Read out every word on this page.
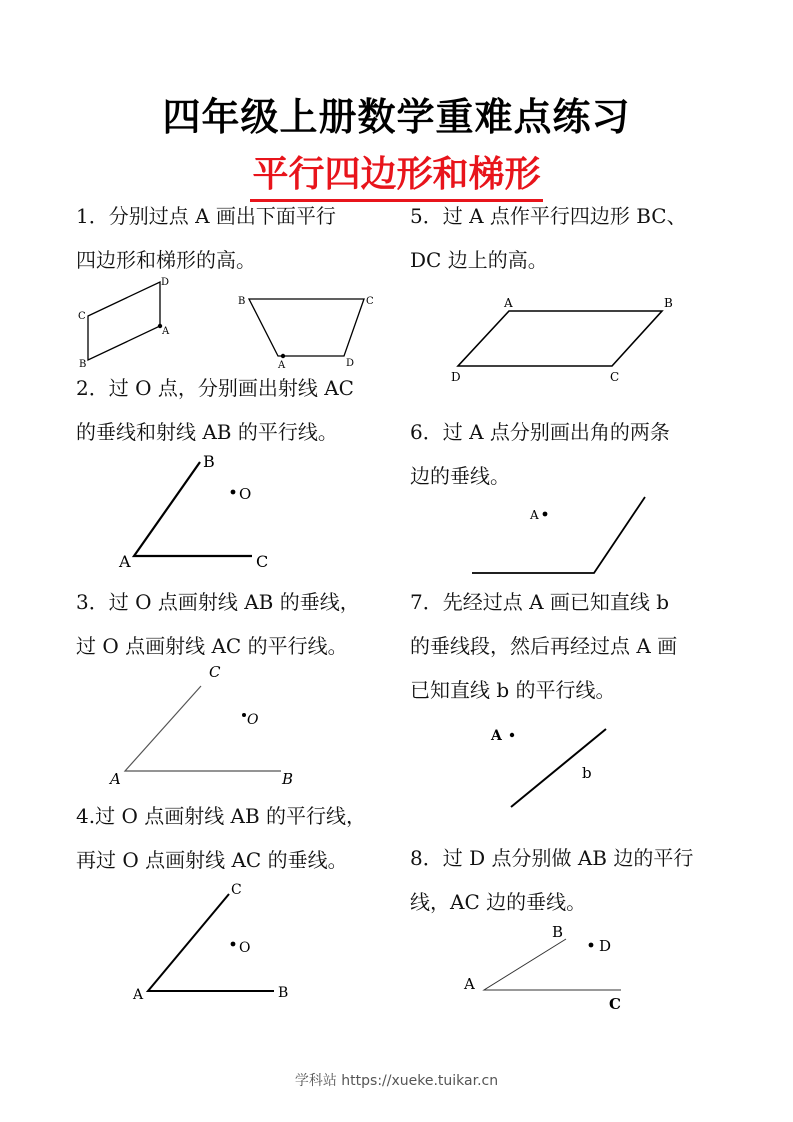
四年级上册数学重难点练习
平行四边形和梯形
1．分别过点 A 画出下面平行
四边形和梯形的高。
D
C
A
B
B	C
A	D
B
O
A	C
C
O
A	B
C
O
A	B
A	B
D	C
A
A
b
B
D
A
C
2．过 O 点，分别画出射线 AC
的垂线和射线 AB 的平行线。
3．过 O 点画射线 AB 的垂线，
过 O 点画射线 AC 的平行线。
4.过 O 点画射线 AB 的平行线，
再过 O 点画射线 AC 的垂线。
5．过 A 点作平行四边形 BC、
DC 边上的高。
6．过 A 点分别画出角的两条
边的垂线。
7．先经过点 A 画已知直线 b
的垂线段，然后再经过点 A 画
已知直线 b 的平行线。
8．过 D 点分别做 AB 边的平行
线，AC 边的垂线。
学科站 https://xueke.tuikar.cn
